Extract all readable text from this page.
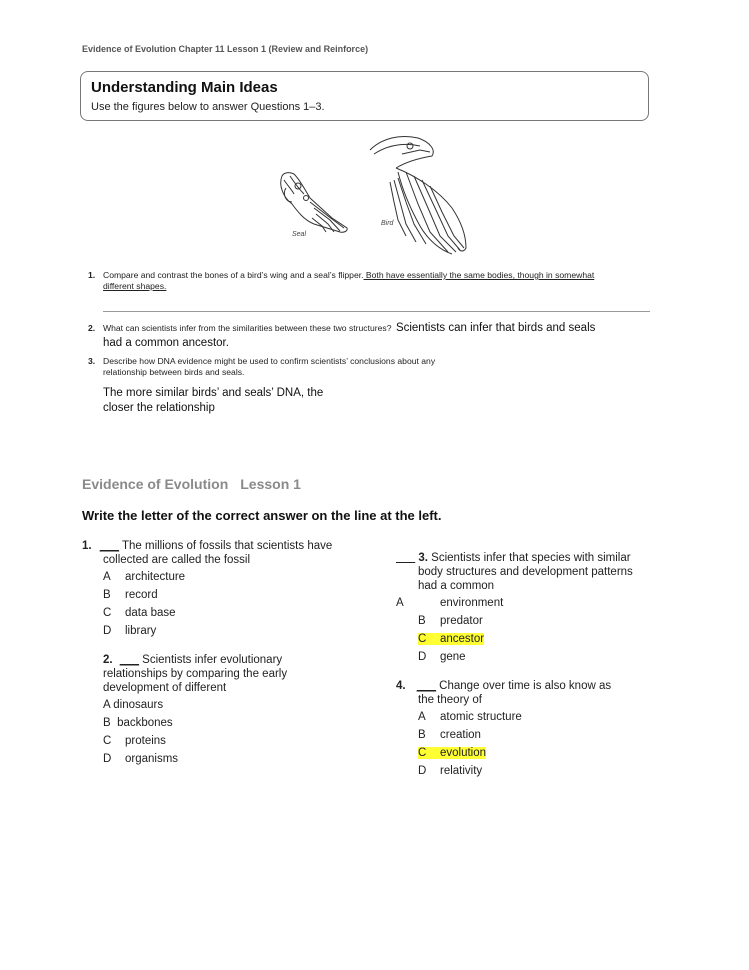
Evidence of Evolution Chapter 11 Lesson 1 (Review and Reinforce)
Understanding Main Ideas
Use the figures below to answer Questions 1–3.
Seal
Bird
1. Compare and contrast the bones of a bird’s wing and a seal’s flipper. Both have essentially the same bodies, though in somewhat
different shapes.
2. What can scientists infer from the similarities between these two structures? Scientists can infer that birds and seals
had a common ancestor.
3. Describe how DNA evidence might be used to confirm scientists’ conclusions about any
relationship between birds and seals.
The more similar birds’ and seals’ DNA, the
closer the relationship
Evidence of Evolution Lesson 1
Write the letter of the correct answer on the line at the left.
1. ___ The millions of fossils that scientists have
collected are called the fossil
A architecture
B record
C data base
D library
2. ___ Scientists infer evolutionary
relationships by comparing the early
development of different
A dinosaurs
B backbones
C proteins
D organisms
___ 3. Scientists infer that species with similar
body structures and development patterns
had a common
A	environment
B predator
C ancestor
D gene
4. ___ Change over time is also know as
the theory of
A atomic structure
B creation
C evolution
D relativity
